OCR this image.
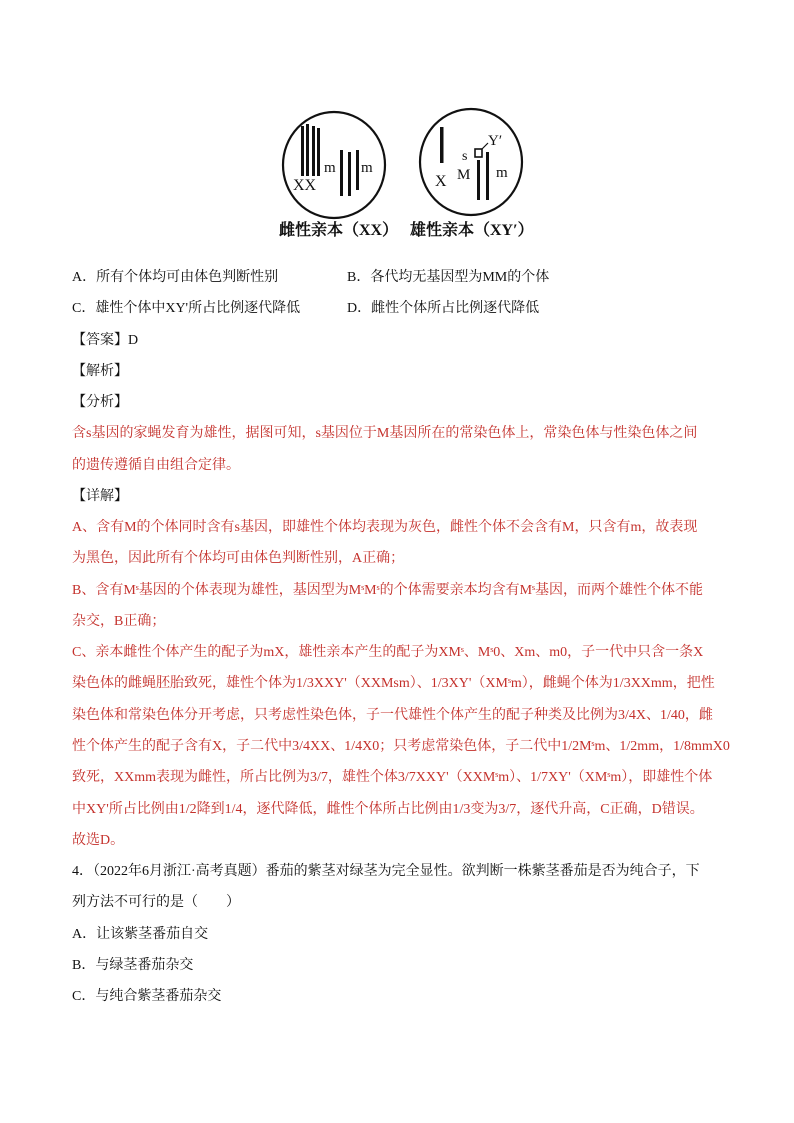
XX
m m
X
s
Y′
M m
雌性亲本（XX） 雄性亲本（XY′）
A．所有个体均可由体色判断性别	B．各代均无基因型为MM的个体
C．雄性个体中XY'所占比例逐代降低	D．雌性个体所占比例逐代降低
【答案】D
【解析】
【分析】
含s基因的家蝇发育为雄性，据图可知，s基因位于M基因所在的常染色体上，常染色体与性染色体之间
的遗传遵循自由组合定律。
【详解】
A、含有M的个体同时含有s基因，即雄性个体均表现为灰色，雌性个体不会含有M，只含有m，故表现
为黑色，因此所有个体均可由体色判断性别，A正确；
B、含有Mˢ基因的个体表现为雄性，基因型为MˢMˢ的个体需要亲本均含有Mˢ基因，而两个雄性个体不能
杂交，B正确；
C、亲本雌性个体产生的配子为mX，雄性亲本产生的配子为XMˢ、Mˢ0、Xm、m0，子一代中只含一条X
染色体的雌蝇胚胎致死，雄性个体为1/3XXY'（XXMsm）、1/3XY'（XMˢm），雌蝇个体为1/3XXmm，把性
染色体和常染色体分开考虑，只考虑性染色体，子一代雄性个体产生的配子种类及比例为3/4X、1/40，雌
性个体产生的配子含有X，子二代中3/4XX、1/4X0；只考虑常染色体，子二代中1/2Mˢm、1/2mm，1/8mmX0
致死，XXmm表现为雌性，所占比例为3/7，雄性个体3/7XXY'（XXMˢm）、1/7XY'（XMˢm），即雄性个体
中XY'所占比例由1/2降到1/4，逐代降低，雌性个体所占比例由1/3变为3/7，逐代升高，C正确，D错误。
故选D。
4．（2022年6月浙江·高考真题）番茄的紫茎对绿茎为完全显性。欲判断一株紫茎番茄是否为纯合子，下
列方法不可行的是（　　）
A．让该紫茎番茄自交
B．与绿茎番茄杂交
C．与纯合紫茎番茄杂交
